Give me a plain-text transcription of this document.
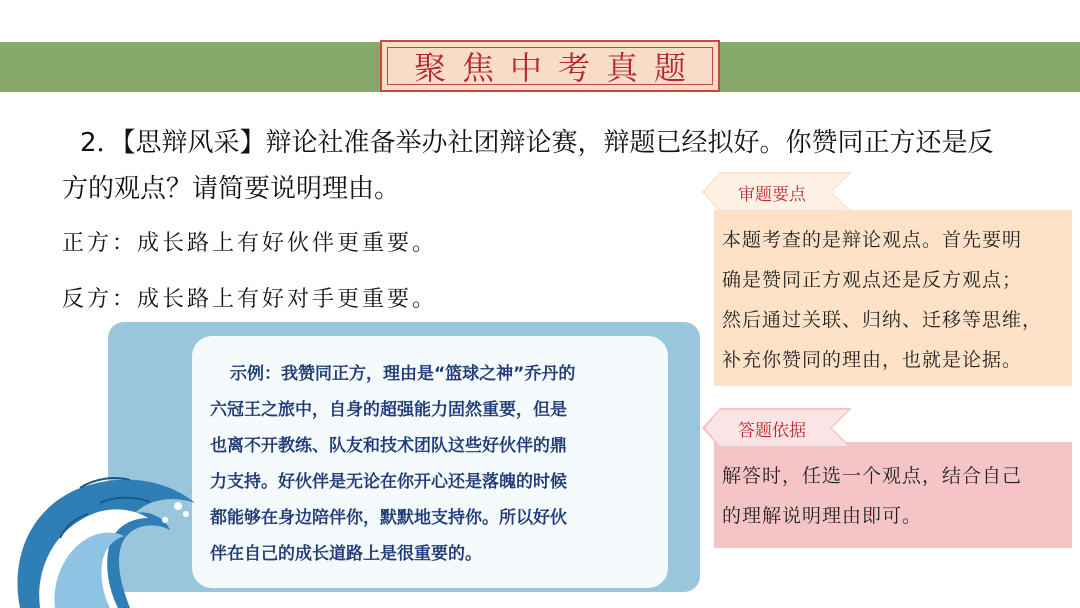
聚焦中考真题
2．【思辩风采】辩论社准备举办社团辩论赛，辩题已经拟好。你赞同正方还是反
方的观点？请简要说明理由。
正方：成长路上有好伙伴更重要。
反方：成长路上有好对手更重要。
示例：我赞同正方，理由是“篮球之神”乔丹的
六冠王之旅中，自身的超强能力固然重要，但是
也离不开教练、队友和技术团队这些好伙伴的鼎
力支持。好伙伴是无论在你开心还是落魄的时候
都能够在身边陪伴你，默默地支持你。所以好伙
伴在自己的成长道路上是很重要的。
审题要点
本题考查的是辩论观点。首先要明
确是赞同正方观点还是反方观点；
然后通过关联、归纳、迁移等思维，
补充你赞同的理由，也就是论据。
答题依据
解答时，任选一个观点，结合自己
的理解说明理由即可。
